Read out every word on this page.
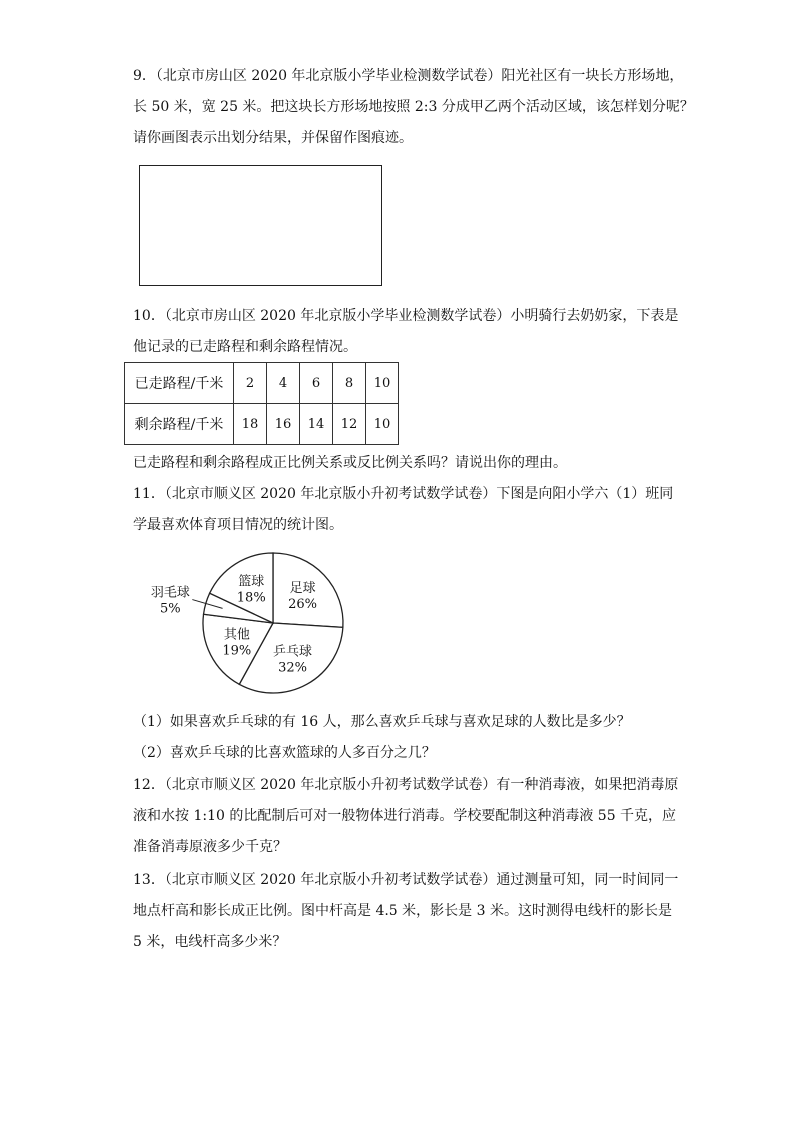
9．（北京市房山区 2020 年北京版小学毕业检测数学试卷）阳光社区有一块长方形场地，
长 50 米，宽 25 米。把这块长方形场地按照 2:3 分成甲乙两个活动区域，该怎样划分呢？
请你画图表示出划分结果，并保留作图痕迹。
10．（北京市房山区 2020 年北京版小学毕业检测数学试卷）小明骑行去奶奶家，下表是
他记录的已走路程和剩余路程情况。
已走路程/千米	2	4	6	8	10
剩余路程/千米	18	16	14	12	10
已走路程和剩余路程成正比例关系或反比例关系吗？请说出你的理由。
11．（北京市顺义区 2020 年北京版小升初考试数学试卷）下图是向阳小学六（1）班同
学最喜欢体育项目情况的统计图。
足球
26%
乒乓球
32%
其他
19%
羽毛球
5%
篮球
18%
（1）如果喜欢乒乓球的有 16 人，那么喜欢乒乓球与喜欢足球的人数比是多少？
（2）喜欢乒乓球的比喜欢篮球的人多百分之几？
12．（北京市顺义区 2020 年北京版小升初考试数学试卷）有一种消毒液，如果把消毒原
液和水按 1:10 的比配制后可对一般物体进行消毒。学校要配制这种消毒液 55 千克，应
准备消毒原液多少千克？
13．（北京市顺义区 2020 年北京版小升初考试数学试卷）通过测量可知，同一时间同一
地点杆高和影长成正比例。图中杆高是 4.5 米，影长是 3 米。这时测得电线杆的影长是
5 米，电线杆高多少米？
